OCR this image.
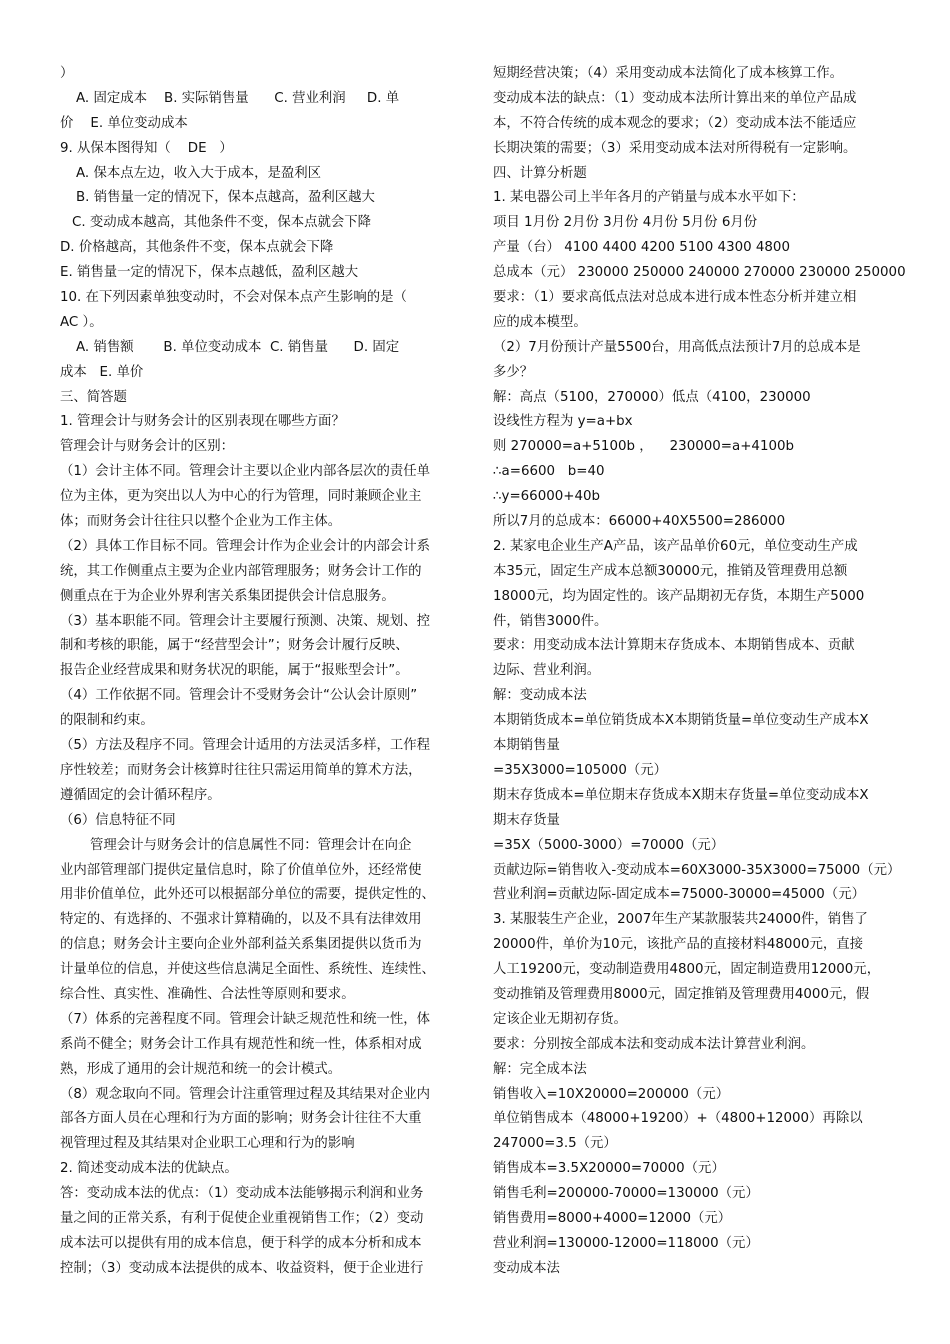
）
A. 固定成本    B. 实际销售量      C. 营业利润     D. 单
价    E. 单位变动成本
9. 从保本图得知（    DE   ）
A. 保本点左边，收入大于成本，是盈利区
B. 销售量一定的情况下，保本点越高，盈利区越大
C. 变动成本越高，其他条件不变，保本点就会下降
D. 价格越高，其他条件不变，保本点就会下降
E. 销售量一定的情况下，保本点越低，盈利区越大
10. 在下列因素单独变动时，不会对保本点产生影响的是（
AC ）。
A. 销售额       B. 单位变动成本  C. 销售量      D. 固定
成本   E. 单价
三、简答题
1. 管理会计与财务会计的区别表现在哪些方面？
管理会计与财务会计的区别：
（1）会计主体不同。管理会计主要以企业内部各层次的责任单
位为主体，更为突出以人为中心的行为管理，同时兼顾企业主
体；而财务会计往往只以整个企业为工作主体。
（2）具体工作目标不同。管理会计作为企业会计的内部会计系
统，其工作侧重点主要为企业内部管理服务；财务会计工作的
侧重点在于为企业外界利害关系集团提供会计信息服务。
（3）基本职能不同。管理会计主要履行预测、决策、规划、控
制和考核的职能，属于“经营型会计”；财务会计履行反映、
报告企业经营成果和财务状况的职能，属于“报账型会计”。
（4）工作依据不同。管理会计不受财务会计“公认会计原则”
的限制和约束。
（5）方法及程序不同。管理会计适用的方法灵活多样，工作程
序性较差；而财务会计核算时往往只需运用简单的算术方法，
遵循固定的会计循环程序。
（6）信息特征不同
管理会计与财务会计的信息属性不同：管理会计在向企
业内部管理部门提供定量信息时，除了价值单位外，还经常使
用非价值单位，此外还可以根据部分单位的需要，提供定性的、
特定的、有选择的、不强求计算精确的，以及不具有法律效用
的信息；财务会计主要向企业外部利益关系集团提供以货币为
计量单位的信息，并使这些信息满足全面性、系统性、连续性、
综合性、真实性、准确性、合法性等原则和要求。
（7）体系的完善程度不同。管理会计缺乏规范性和统一性，体
系尚不健全；财务会计工作具有规范性和统一性，体系相对成
熟，形成了通用的会计规范和统一的会计模式。
（8）观念取向不同。管理会计注重管理过程及其结果对企业内
部各方面人员在心理和行为方面的影响；财务会计往往不大重
视管理过程及其结果对企业职工心理和行为的影响
2. 简述变动成本法的优缺点。
答：变动成本法的优点：（1）变动成本法能够揭示利润和业务
量之间的正常关系，有利于促使企业重视销售工作；（2）变动
成本法可以提供有用的成本信息，便于科学的成本分析和成本
控制；（3）变动成本法提供的成本、收益资料，便于企业进行
短期经营决策；（4）采用变动成本法简化了成本核算工作。
变动成本法的缺点：（1）变动成本法所计算出来的单位产品成
本，不符合传统的成本观念的要求；（2）变动成本法不能适应
长期决策的需要；（3）采用变动成本法对所得税有一定影响。
四、计算分析题
1. 某电器公司上半年各月的产销量与成本水平如下：
项目 1月份 2月份 3月份 4月份 5月份 6月份
产量（台） 4100 4400 4200 5100 4300 4800
总成本（元） 230000 250000 240000 270000 230000 250000
要求：（1）要求高低点法对总成本进行成本性态分析并建立相
应的成本模型。
（2）7月份预计产量5500台，用高低点法预计7月的总成本是
多少？
解：高点（5100，270000）低点（4100，230000
设线性方程为 y=a+bx
则 270000=a+5100b ，    230000=a+4100b
∴a=6600   b=40
∴y=66000+40b
所以7月的总成本：66000+40X5500=286000
2. 某家电企业生产A产品，该产品单价60元，单位变动生产成
本35元，固定生产成本总额30000元，推销及管理费用总额
18000元，均为固定性的。该产品期初无存货，本期生产5000
件，销售3000件。
要求：用变动成本法计算期末存货成本、本期销售成本、贡献
边际、营业利润。
解：变动成本法
本期销货成本=单位销货成本X本期销货量=单位变动生产成本X
本期销售量
=35X3000=105000（元）
期末存货成本=单位期末存货成本X期末存货量=单位变动成本X
期末存货量
=35X（5000-3000）=70000（元）
贡献边际=销售收入-变动成本=60X3000-35X3000=75000（元）
营业利润=贡献边际-固定成本=75000-30000=45000（元）
3. 某服装生产企业，2007年生产某款服装共24000件，销售了
20000件，单价为10元，该批产品的直接材料48000元，直接
人工19200元，变动制造费用4800元，固定制造费用12000元，
变动推销及管理费用8000元，固定推销及管理费用4000元，假
定该企业无期初存货。
要求：分别按全部成本法和变动成本法计算营业利润。
解：完全成本法
销售收入=10X20000=200000（元）
单位销售成本（48000+19200）+（4800+12000）再除以
247000=3.5（元）
销售成本=3.5X20000=70000（元）
销售毛利=200000-70000=130000（元）
销售费用=8000+4000=12000（元）
营业利润=130000-12000=118000（元）
变动成本法
